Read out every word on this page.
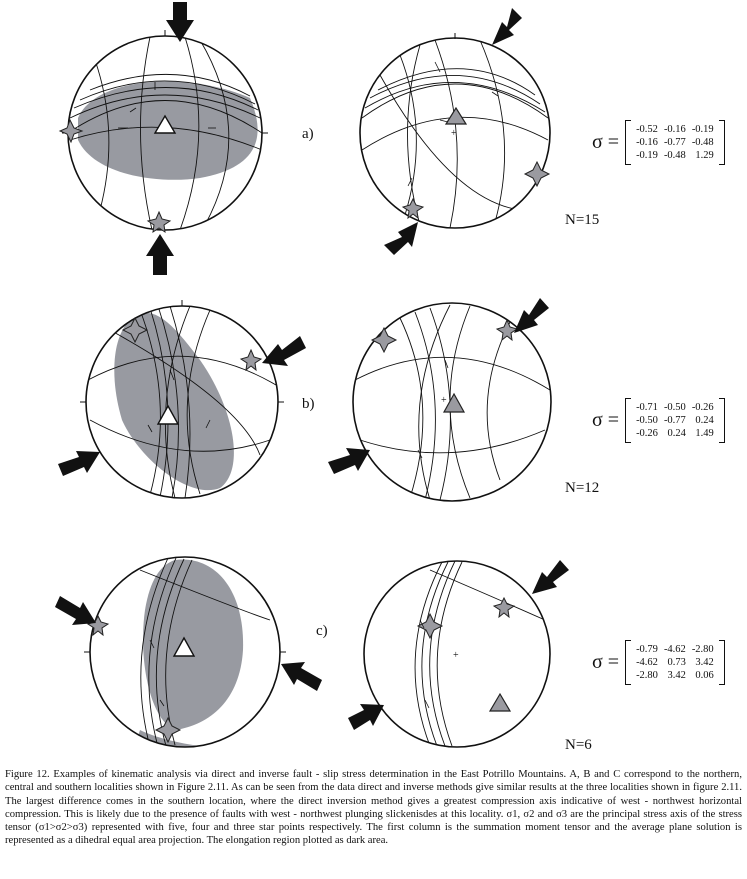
+
+
+
a)
b)
c)
N=15
N=12
N=6
σ =
-0.52	-0.16	-0.19
-0.16	-0.77	-0.48
-0.19	-0.48	1.29
σ =
-0.71	-0.50	-0.26
-0.50	-0.77	0.24
-0.26	0.24	1.49
σ =
-0.79	-4.62	-2.80
-4.62	0.73	3.42
-2.80	3.42	0.06
Figure 12. Examples of kinematic analysis via direct and inverse fault - slip stress determination in the East Potrillo Mountains. A, B and C correspond to the northern, central and southern localities shown in Figure 2.11. As can be seen from the data direct and inverse methods give similar results at the three localities shown in figure 2.11. The largest difference comes in the southern location, where the direct inversion method gives a greatest compression axis indicative of west - northwest horizontal compression. This is likely due to the presence of faults with west - northwest plunging slickenisdes at this locality. σ1, σ2 and σ3 are the principal stress axis of the stress tensor (σ1>σ2>σ3) represented with five, four and three star points respectively. The first column is the summation moment tensor and the average plane solution is represented as a dihedral equal area projection. The elongation region plotted as dark area.
